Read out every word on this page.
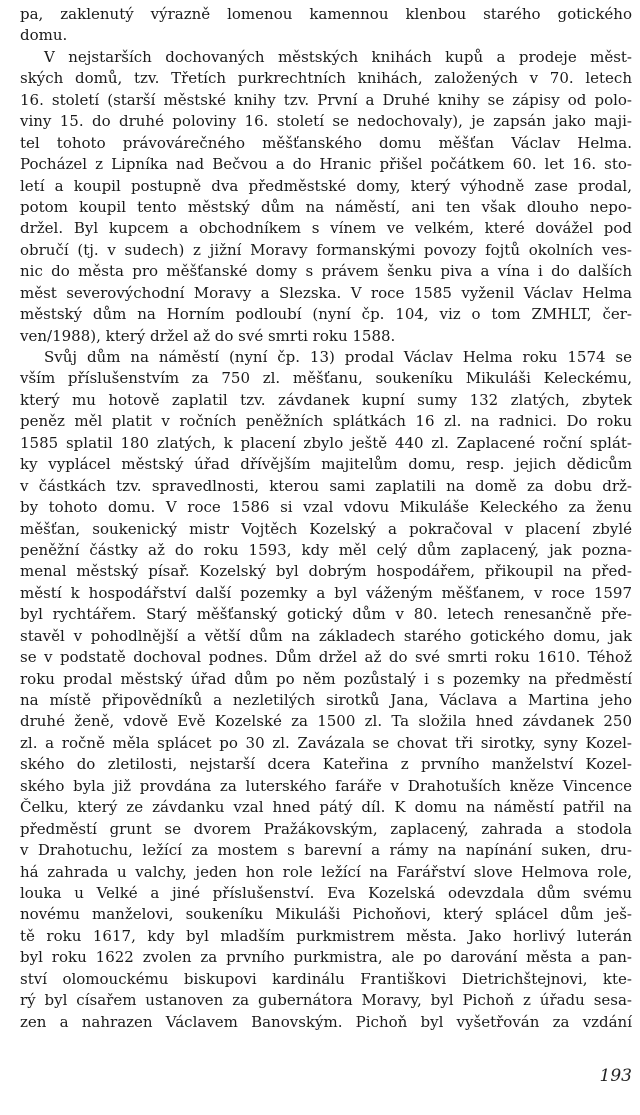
pa, zaklenutý výrazně lomenou kamennou klenbou starého gotického
domu.
V nejstarších dochovaných městských knihách kupů a prodeje měst-
ských domů, tzv. Třetích purkrechtních knihách, založených v 70. letech
16. století (starší městské knihy tzv. První a Druhé knihy se zápisy od polo-
viny 15. do druhé poloviny 16. století se nedochovaly), je zapsán jako maji-
tel tohoto právovárečného měšťanského domu měšťan Václav Helma.
Pocházel z Lipníka nad Bečvou a do Hranic přišel počátkem 60. let 16. sto-
letí a koupil postupně dva předměstské domy, který výhodně zase prodal,
potom koupil tento městský dům na náměstí, ani ten však dlouho nepo-
držel. Byl kupcem a obchodníkem s vínem ve velkém, které dovážel pod
obručí (tj. v sudech) z jižní Moravy formanskými povozy fojtů okolních ves-
nic do města pro měšťanské domy s právem šenku piva a vína i do dalších
měst severovýchodní Moravy a Slezska. V roce 1585 vyženil Václav Helma
městský dům na Horním podloubí (nyní čp. 104, viz o tom ZMHLT, čer-
ven/1988), který držel až do své smrti roku 1588.
Svůj dům na náměstí (nyní čp. 13) prodal Václav Helma roku 1574 se
vším příslušenstvím za 750 zl. měšťanu, soukeníku Mikuláši Keleckému,
který mu hotově zaplatil tzv. závdanek kupní sumy 132 zlatých, zbytek
peněz měl platit v ročních peněžních splátkách 16 zl. na radnici. Do roku
1585 splatil 180 zlatých, k placení zbylo ještě 440 zl. Zaplacené roční splát-
ky vyplácel městský úřad dřívějším majitelům domu, resp. jejich dědicům
v částkách tzv. spravedlnosti, kterou sami zaplatili na domě za dobu drž-
by tohoto domu. V roce 1586 si vzal vdovu Mikuláše Keleckého za ženu
měšťan, soukenický mistr Vojtěch Kozelský a pokračoval v placení zbylé
peněžní částky až do roku 1593, kdy měl celý dům zaplacený, jak pozna-
menal městský písař. Kozelský byl dobrým hospodářem, přikoupil na před-
městí k hospodářství další pozemky a byl váženým měšťanem, v roce 1597
byl rychtářem. Starý měšťanský gotický dům v 80. letech renesančně pře-
stavěl v pohodlnější a větší dům na základech starého gotického domu, jak
se v podstatě dochoval podnes. Dům držel až do své smrti roku 1610. Téhož
roku prodal městský úřad dům po něm pozůstalý i s pozemky na předměstí
na místě připovědníků a nezletilých sirotků Jana, Václava a Martina jeho
druhé ženě, vdově Evě Kozelské za 1500 zl. Ta složila hned závdanek 250
zl. a ročně měla splácet po 30 zl. Zavázala se chovat tři sirotky, syny Kozel-
ského do zletilosti, nejstarší dcera Kateřina z prvního manželství Kozel-
ského byla již provdána za luterského faráře v Drahotuších kněze Vincence
Čelku, který ze závdanku vzal hned pátý díl. K domu na náměstí patřil na
předměstí grunt se dvorem Pražákovským, zaplacený, zahrada a stodola
v Drahotuchu, ležící za mostem s barevní a rámy na napínání suken, dru-
há zahrada u valchy, jeden hon role ležící na Farářství slove Helmova role,
louka u Velké a jiné příslušenství. Eva Kozelská odevzdala dům svému
novému manželovi, soukeníku Mikuláši Pichoňovi, který splácel dům ješ-
tě roku 1617, kdy byl mladším purkmistrem města. Jako horlivý luterán
byl roku 1622 zvolen za prvního purkmistra, ale po darování města a pan-
ství olomouckému biskupovi kardinálu Františkovi Dietrichštejnovi, kte-
rý byl císařem ustanoven za gubernátora Moravy, byl Pichoň z úřadu sesa-
zen a nahrazen Václavem Banovským. Pichoň byl vyšetřován za vzdání
193
